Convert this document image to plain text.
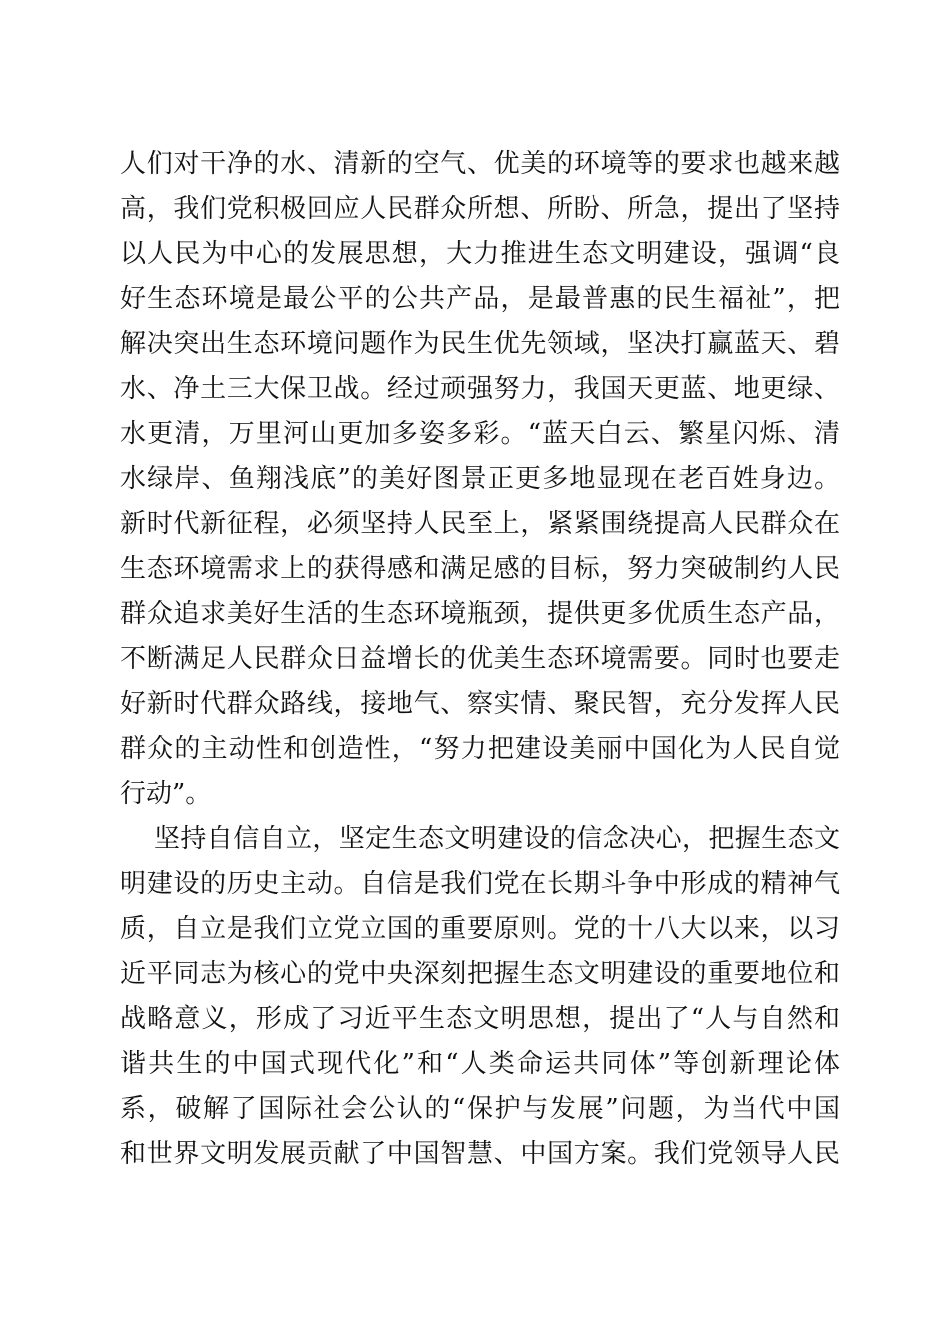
人们对干净的水、清新的空气、优美的环境等的要求也越来越
高，我们党积极回应人民群众所想、所盼、所急，提出了坚持
以人民为中心的发展思想，大力推进生态文明建设，强调“良
好生态环境是最公平的公共产品，是最普惠的民生福祉”，把
解决突出生态环境问题作为民生优先领域，坚决打赢蓝天、碧
水、净土三大保卫战。经过顽强努力，我国天更蓝、地更绿、
水更清，万里河山更加多姿多彩。“蓝天白云、繁星闪烁、清
水绿岸、鱼翔浅底”的美好图景正更多地显现在老百姓身边。
新时代新征程，必须坚持人民至上，紧紧围绕提高人民群众在
生态环境需求上的获得感和满足感的目标，努力突破制约人民
群众追求美好生活的生态环境瓶颈，提供更多优质生态产品，
不断满足人民群众日益增长的优美生态环境需要。同时也要走
好新时代群众路线，接地气、察实情、聚民智，充分发挥人民
群众的主动性和创造性，“努力把建设美丽中国化为人民自觉
行动”。
坚持自信自立，坚定生态文明建设的信念决心，把握生态文
明建设的历史主动。自信是我们党在长期斗争中形成的精神气
质，自立是我们立党立国的重要原则。党的十八大以来，以习
近平同志为核心的党中央深刻把握生态文明建设的重要地位和
战略意义，形成了习近平生态文明思想，提出了“人与自然和
谐共生的中国式现代化”和“人类命运共同体”等创新理论体
系，破解了国际社会公认的“保护与发展”问题，为当代中国
和世界文明发展贡献了中国智慧、中国方案。我们党领导人民
